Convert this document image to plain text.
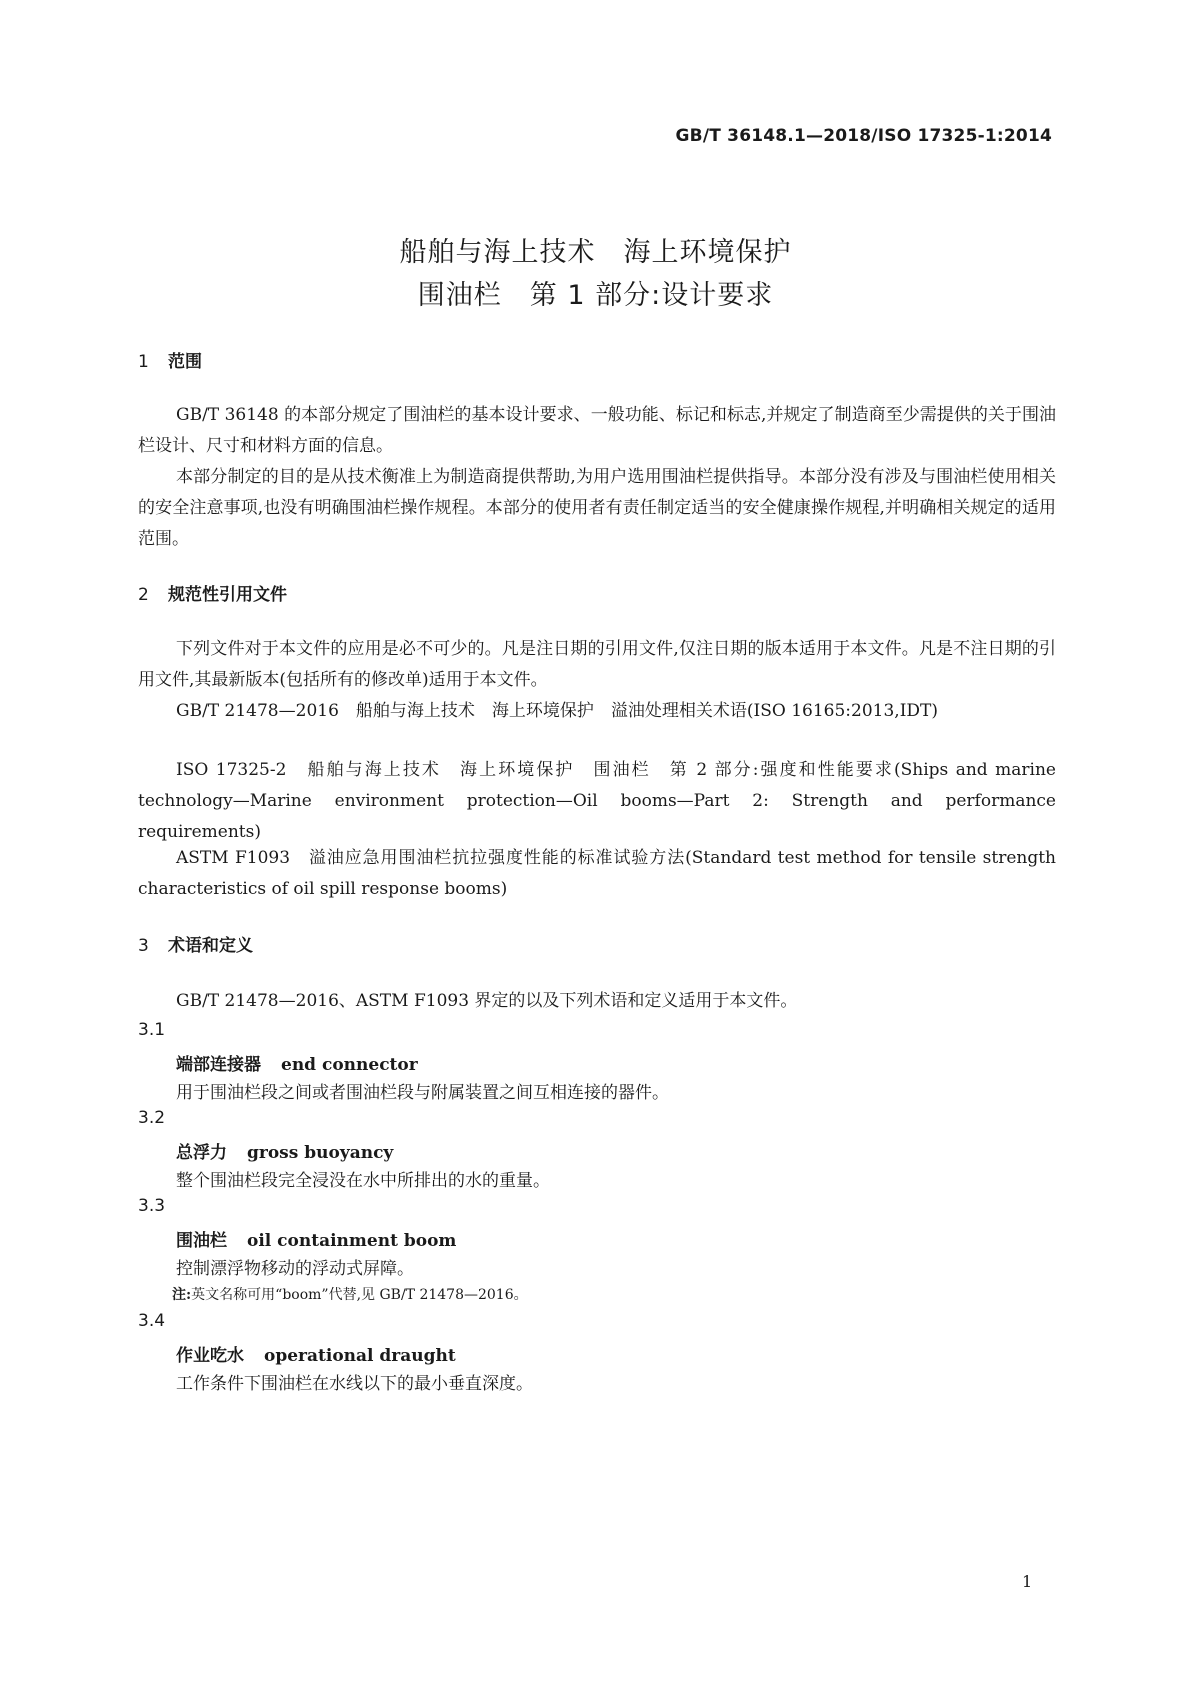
GB/T 36148.1—2018/ISO 17325-1:2014
船舶与海上技术　海上环境保护
围油栏　第 1 部分:设计要求
1 范围
GB/T 36148 的本部分规定了围油栏的基本设计要求、一般功能、标记和标志,并规定了制造商至少需提供的关于围油栏设计、尺寸和材料方面的信息。
本部分制定的目的是从技术衡准上为制造商提供帮助,为用户选用围油栏提供指导。本部分没有涉及与围油栏使用相关的安全注意事项,也没有明确围油栏操作规程。本部分的使用者有责任制定适当的安全健康操作规程,并明确相关规定的适用范围。
2 规范性引用文件
下列文件对于本文件的应用是必不可少的。凡是注日期的引用文件,仅注日期的版本适用于本文件。凡是不注日期的引用文件,其最新版本(包括所有的修改单)适用于本文件。
GB/T 21478—2016　船舶与海上技术　海上环境保护　溢油处理相关术语(ISO 16165:2013,IDT)
ISO 17325-2　船舶与海上技术　海上环境保护　围油栏　第 2 部分:强度和性能要求(Ships and marine technology—Marine environment protection—Oil booms—Part 2: Strength and performance requirements)
ASTM F1093　溢油应急用围油栏抗拉强度性能的标准试验方法(Standard test method for tensile strength characteristics of oil spill response booms)
3 术语和定义
GB/T 21478—2016、ASTM F1093 界定的以及下列术语和定义适用于本文件。
3.1
端部连接器 end connector
用于围油栏段之间或者围油栏段与附属装置之间互相连接的器件。
3.2
总浮力 gross buoyancy
整个围油栏段完全浸没在水中所排出的水的重量。
3.3
围油栏 oil containment boom
控制漂浮物移动的浮动式屏障。
注:英文名称可用“boom”代替,见 GB/T 21478—2016。
3.4
作业吃水 operational draught
工作条件下围油栏在水线以下的最小垂直深度。
1
